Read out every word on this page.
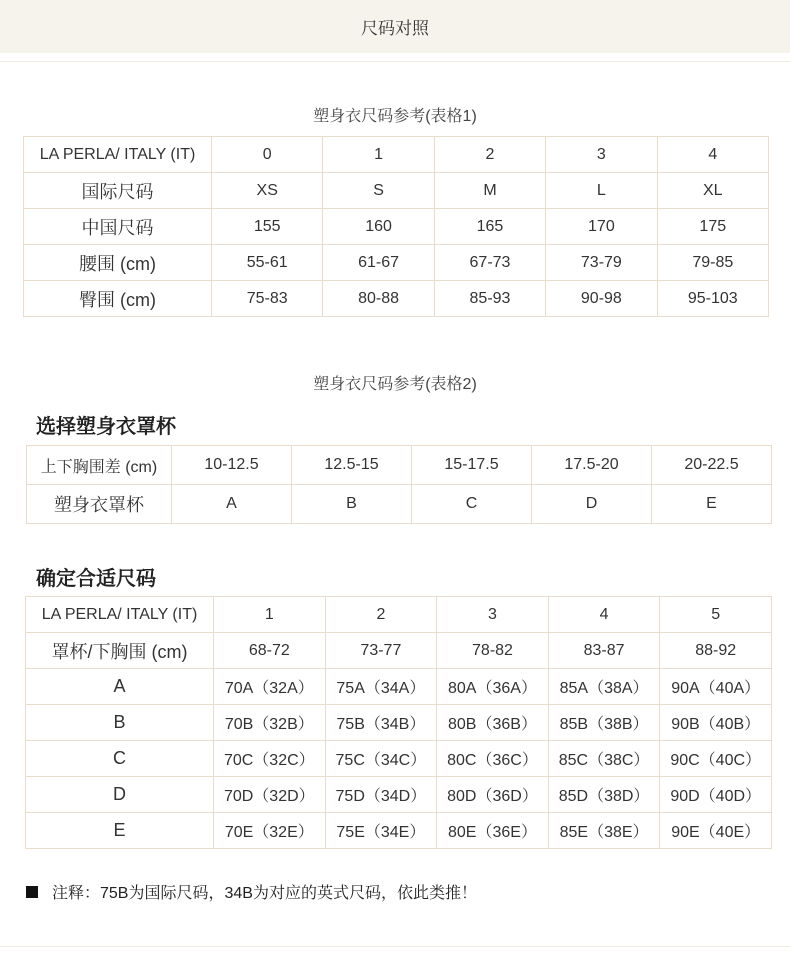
尺码对照
塑身衣尺码参考(表格1)
LA PERLA/ ITALY (IT)	0	1	2	3	4
国际尺码	XS	S	M	L	XL
中国尺码	155	160	165	170	175
腰围 (cm)	55-61	61-67	67-73	73-79	79-85
臀围 (cm)	75-83	80-88	85-93	90-98	95-103
塑身衣尺码参考(表格2)
选择塑身衣罩杯
上下胸围差 (cm)	10-12.5	12.5-15	15-17.5	17.5-20	20-22.5
塑身衣罩杯	A	B	C	D	E
确定合适尺码
LA PERLA/ ITALY (IT)	1	2	3	4	5
罩杯/下胸围 (cm)	68-72	73-77	78-82	83-87	88-92
A	70A（32A）	75A（34A）	80A（36A）	85A（38A）	90A（40A）
B	70B（32B）	75B（34B）	80B（36B）	85B（38B）	90B（40B）
C	70C（32C）	75C（34C）	80C（36C）	85C（38C）	90C（40C）
D	70D（32D）	75D（34D）	80D（36D）	85D（38D）	90D（40D）
E	70E（32E）	75E（34E）	80E（36E）	85E（38E）	90E（40E）
注释：75B为国际尺码，34B为对应的英式尺码，依此类推！
